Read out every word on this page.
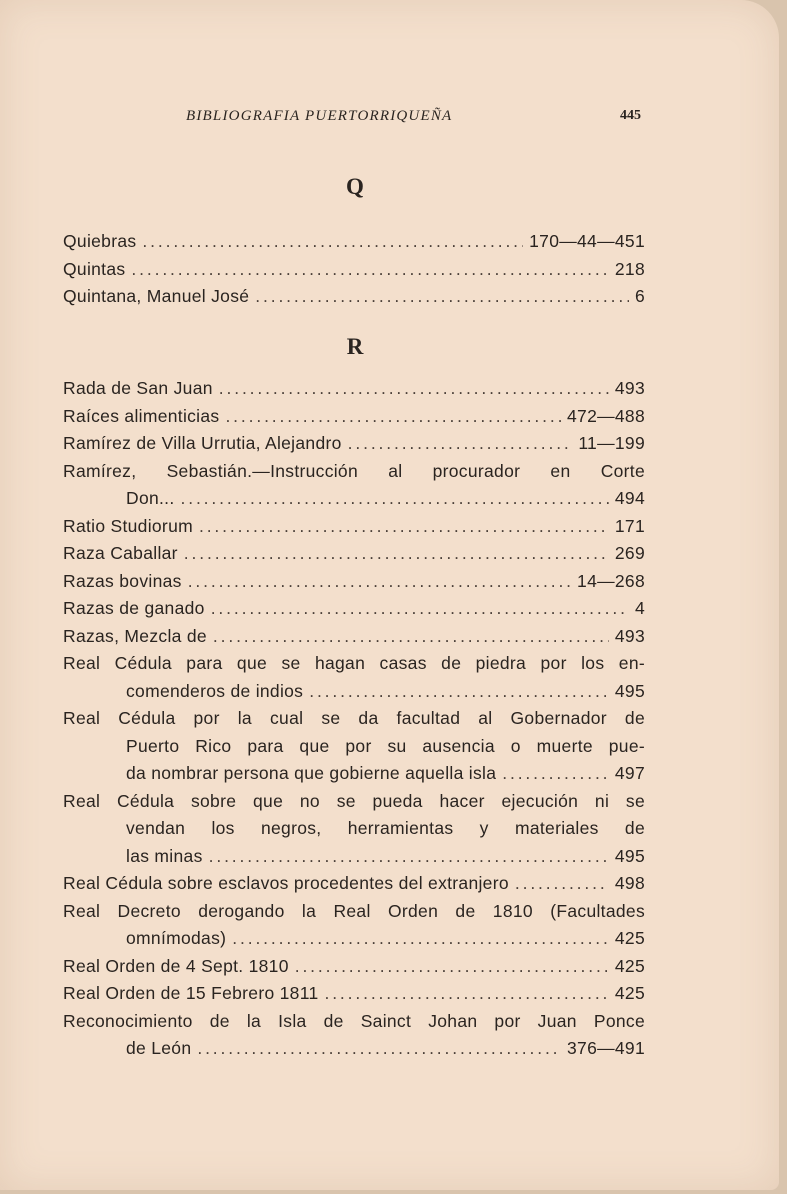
BIBLIOGRAFIA PUERTORRIQUEÑA	445
Q
Quiebras . . .	170—44—451
Quintas . . .	218
Quintana, Manuel José . . .	6
R
Rada de San Juan . . .	493
Raíces alimenticias . . .	472—488
Ramírez de Villa Urrutia, Alejandro . . .	11—199
Ramírez, Sebastián.—Instrucción al procurador en Corte
Don... . . .	494
Ratio Studiorum . . .	171
Raza Caballar . . .	269
Razas bovinas . . .	14—268
Razas de ganado . . .	4
Razas, Mezcla de . . .	493
Real Cédula para que se hagan casas de piedra por los en-
comenderos de indios . . .	495
Real Cédula por la cual se da facultad al Gobernador de
Puerto Rico para que por su ausencia o muerte pue-
da nombrar persona que gobierne aquella isla . . .	497
Real Cédula sobre que no se pueda hacer ejecución ni se
vendan los negros, herramientas y materiales de
las minas . . .	495
Real Cédula sobre esclavos procedentes del extranjero . . .	498
Real Decreto derogando la Real Orden de 1810 (Facultades
omnímodas) . . .	425
Real Orden de 4 Sept. 1810 . . .	425
Real Orden de 15 Febrero 1811 . . .	425
Reconocimiento de la Isla de Sainct Johan por Juan Ponce
de León . . .	376—491
